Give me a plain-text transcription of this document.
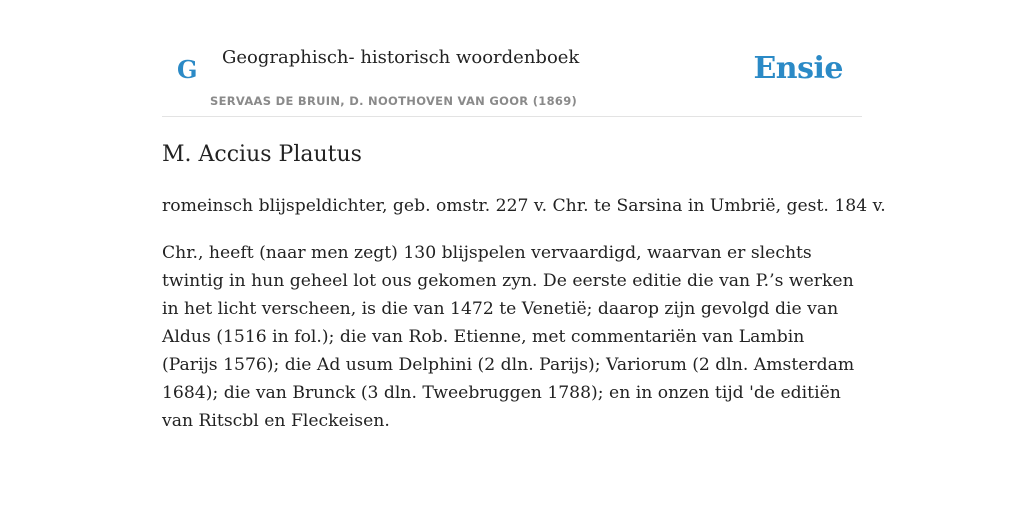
G Geographisch- historisch woordenboek
SERVAAS DE BRUIN, D. NOOTHOVEN VAN GOOR (1869)
Ensie
M. Accius Plautus

romeinsch blijspeldichter, geb. omstr. 227 v. Chr. te Sarsina in Umbrië, gest. 184 v.

Chr., heeft (naar men zegt) 130 blijspelen vervaardigd, waarvan er slechts twintig in hun geheel lot ous gekomen zyn. De eerste editie die van P.’s werken in het licht verscheen, is die van 1472 te Venetië; daarop zijn gevolgd die van Aldus (1516 in fol.); die van Rob. Etienne, met commentariën van Lambin (Parijs 1576); die Ad usum Delphini (2 dln. Parijs); Variorum (2 dln. Amsterdam 1684); die van Brunck (3 dln. Tweebruggen 1788); en in onzen tijd 'de editiën van Ritscbl en Fleckeisen.
